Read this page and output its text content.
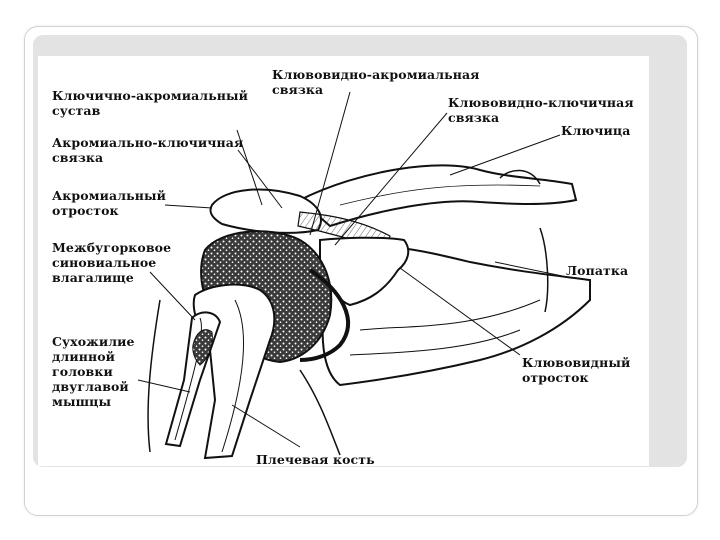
Ключично-акромиальный
сустав
Клювовидно-акромиальная
связка
Клювовидно-ключичная
связка
Ключица
Акромиально-ключичная
связка
Акромиальный
отросток
Межбугорковое
синовиальное
влагалище	Лопатка
Сухожилие
длинной
головки
двуглавой
мышцы
Клювовидный
отросток
Плечевая кость
